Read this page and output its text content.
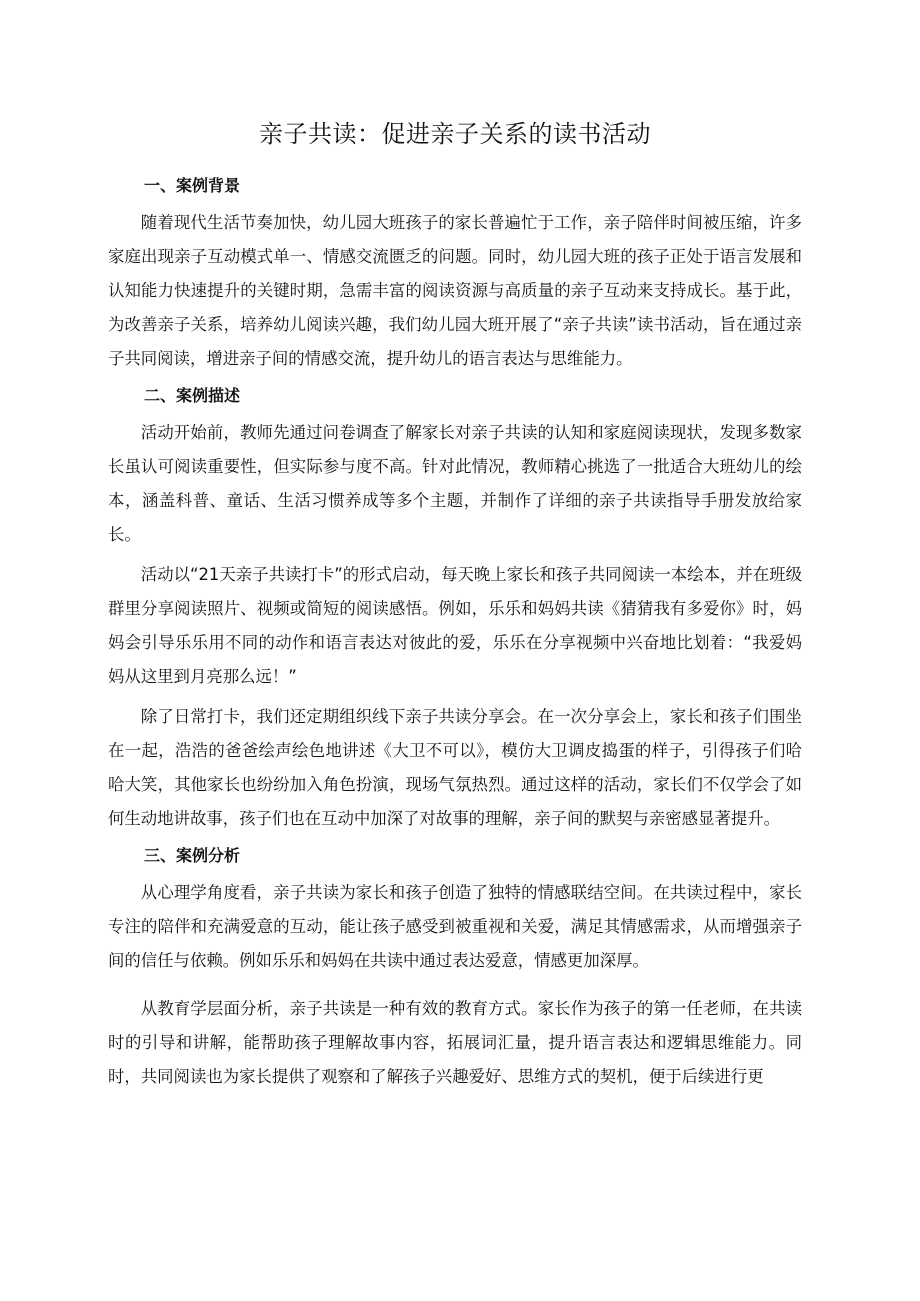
亲子共读：促进亲子关系的读书活动
一、案例背景

随着现代生活节奏加快，幼儿园大班孩子的家长普遍忙于工作，亲子陪伴时间被压缩，许多家庭出现亲子互动模式单一、情感交流匮乏的问题。同时，幼儿园大班的孩子正处于语言发展和认知能力快速提升的关键时期，急需丰富的阅读资源与高质量的亲子互动来支持成长。基于此，为改善亲子关系，培养幼儿阅读兴趣，我们幼儿园大班开展了“亲子共读”读书活动，旨在通过亲子共同阅读，增进亲子间的情感交流，提升幼儿的语言表达与思维能力。

二、案例描述

活动开始前，教师先通过问卷调查了解家长对亲子共读的认知和家庭阅读现状，发现多数家长虽认可阅读重要性，但实际参与度不高。针对此情况，教师精心挑选了一批适合大班幼儿的绘本，涵盖科普、童话、生活习惯养成等多个主题，并制作了详细的亲子共读指导手册发放给家长。

活动以“21天亲子共读打卡”的形式启动，每天晚上家长和孩子共同阅读一本绘本，并在班级群里分享阅读照片、视频或简短的阅读感悟。例如，乐乐和妈妈共读《猜猜我有多爱你》时，妈妈会引导乐乐用不同的动作和语言表达对彼此的爱，乐乐在分享视频中兴奋地比划着：“我爱妈妈从这里到月亮那么远！”

除了日常打卡，我们还定期组织线下亲子共读分享会。在一次分享会上，家长和孩子们围坐在一起，浩浩的爸爸绘声绘色地讲述《大卫不可以》，模仿大卫调皮捣蛋的样子，引得孩子们哈哈大笑，其他家长也纷纷加入角色扮演，现场气氛热烈。通过这样的活动，家长们不仅学会了如何生动地讲故事，孩子们也在互动中加深了对故事的理解，亲子间的默契与亲密感显著提升。

三、案例分析

从心理学角度看，亲子共读为家长和孩子创造了独特的情感联结空间。在共读过程中，家长专注的陪伴和充满爱意的互动，能让孩子感受到被重视和关爱，满足其情感需求，从而增强亲子间的信任与依赖。例如乐乐和妈妈在共读中通过表达爱意，情感更加深厚。

从教育学层面分析，亲子共读是一种有效的教育方式。家长作为孩子的第一任老师，在共读时的引导和讲解，能帮助孩子理解故事内容，拓展词汇量，提升语言表达和逻辑思维能力。同时，共同阅读也为家长提供了观察和了解孩子兴趣爱好、思维方式的契机，便于后续进行更
